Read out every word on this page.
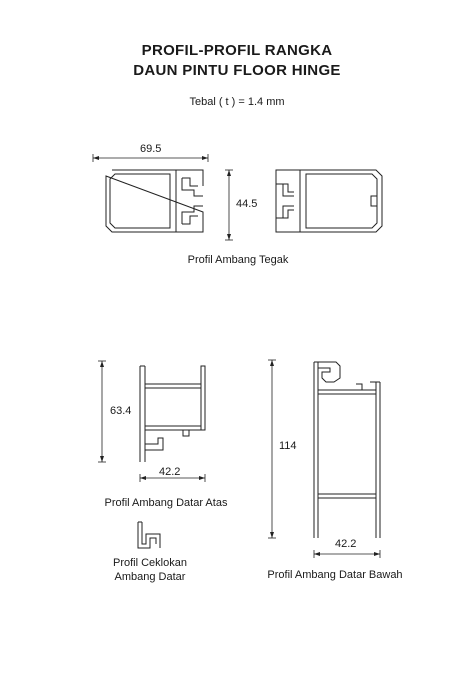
PROFIL-PROFIL RANGKA
DAUN PINTU FLOOR HINGE
Tebal ( t ) = 1.4 mm
69.5
44.5
Profil Ambang Tegak
63.4
42.2
Profil Ambang Datar Atas
Profil Ceklokan
Ambang Datar
114
42.2
Profil Ambang Datar Bawah
